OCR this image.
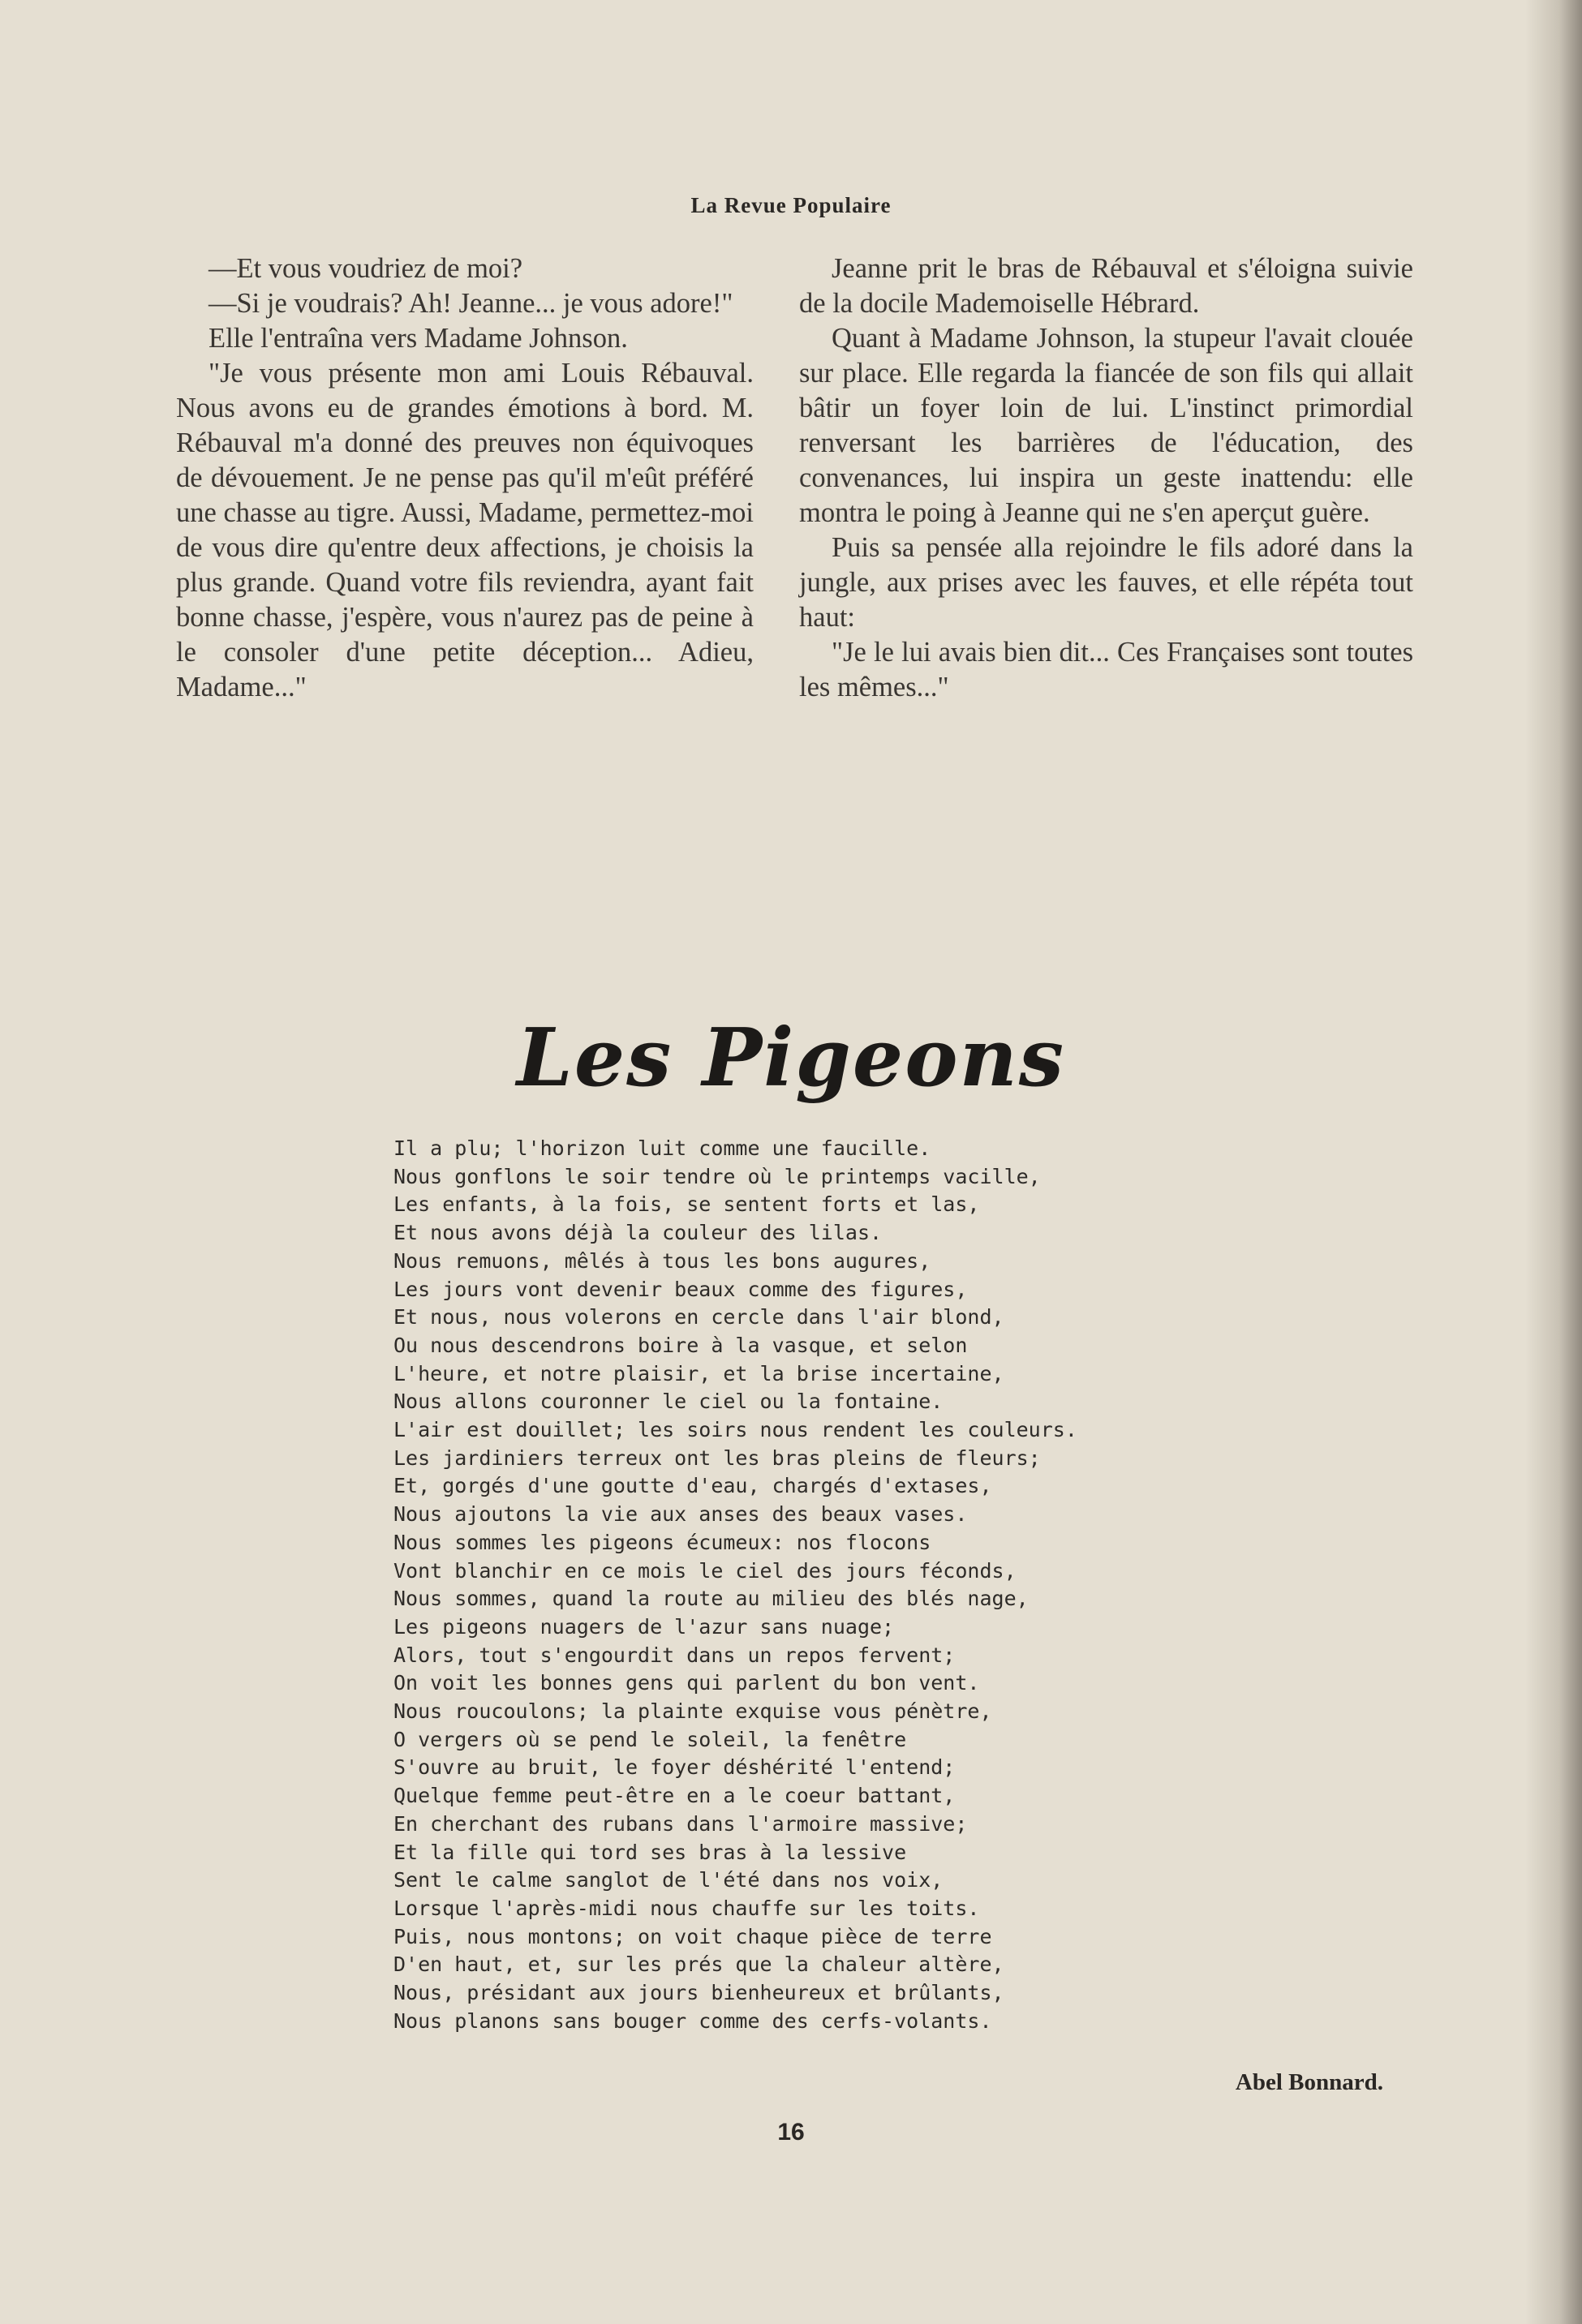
La Revue Populaire

—Et vous voudriez de moi?

—Si je voudrais? Ah! Jeanne... je vous adore!"

Elle l'entraîna vers Madame Johnson.

"Je vous présente mon ami Louis Rébauval. Nous avons eu de grandes émotions à bord. M. Rébauval m'a donné des preuves non équivoques de dévouement. Je ne pense pas qu'il m'eût préféré une chasse au tigre. Aussi, Madame, permettez-moi de vous dire qu'entre deux affections, je choisis la plus grande. Quand votre fils reviendra, ayant fait bonne chasse, j'espère, vous n'aurez pas de peine à le consoler d'une petite déception... Adieu, Madame..."

Jeanne prit le bras de Rébauval et s'éloigna suivie de la docile Mademoiselle Hébrard.

Quant à Madame Johnson, la stupeur l'avait clouée sur place. Elle regarda la fiancée de son fils qui allait bâtir un foyer loin de lui. L'instinct primordial renversant les barrières de l'éducation, des convenances, lui inspira un geste inattendu: elle montra le poing à Jeanne qui ne s'en aperçut guère.

Puis sa pensée alla rejoindre le fils adoré dans la jungle, aux prises avec les fauves, et elle répéta tout haut:

"Je le lui avais bien dit... Ces Françaises sont toutes les mêmes..."

Les Pigeons
Il a plu; l'horizon luit comme une faucille.
Nous gonflons le soir tendre où le printemps vacille,
Les enfants, à la fois, se sentent forts et las,
Et nous avons déjà la couleur des lilas.
Nous remuons, mêlés à tous les bons augures,
Les jours vont devenir beaux comme des figures,
Et nous, nous volerons en cercle dans l'air blond,
Ou nous descendrons boire à la vasque, et selon
L'heure, et notre plaisir, et la brise incertaine,
Nous allons couronner le ciel ou la fontaine.
L'air est douillet; les soirs nous rendent les couleurs.
Les jardiniers terreux ont les bras pleins de fleurs;
Et, gorgés d'une goutte d'eau, chargés d'extases,
Nous ajoutons la vie aux anses des beaux vases.
Nous sommes les pigeons écumeux: nos flocons
Vont blanchir en ce mois le ciel des jours féconds,
Nous sommes, quand la route au milieu des blés nage,
Les pigeons nuagers de l'azur sans nuage;
Alors, tout s'engourdit dans un repos fervent;
On voit les bonnes gens qui parlent du bon vent.
Nous roucoulons; la plainte exquise vous pénètre,
O vergers où se pend le soleil, la fenêtre
S'ouvre au bruit, le foyer déshérité l'entend;
Quelque femme peut-être en a le coeur battant,
En cherchant des rubans dans l'armoire massive;
Et la fille qui tord ses bras à la lessive
Sent le calme sanglot de l'été dans nos voix,
Lorsque l'après-midi nous chauffe sur les toits.
Puis, nous montons; on voit chaque pièce de terre
D'en haut, et, sur les prés que la chaleur altère,
Nous, présidant aux jours bienheureux et brûlants,
Nous planons sans bouger comme des cerfs-volants.
Abel Bonnard.
16
